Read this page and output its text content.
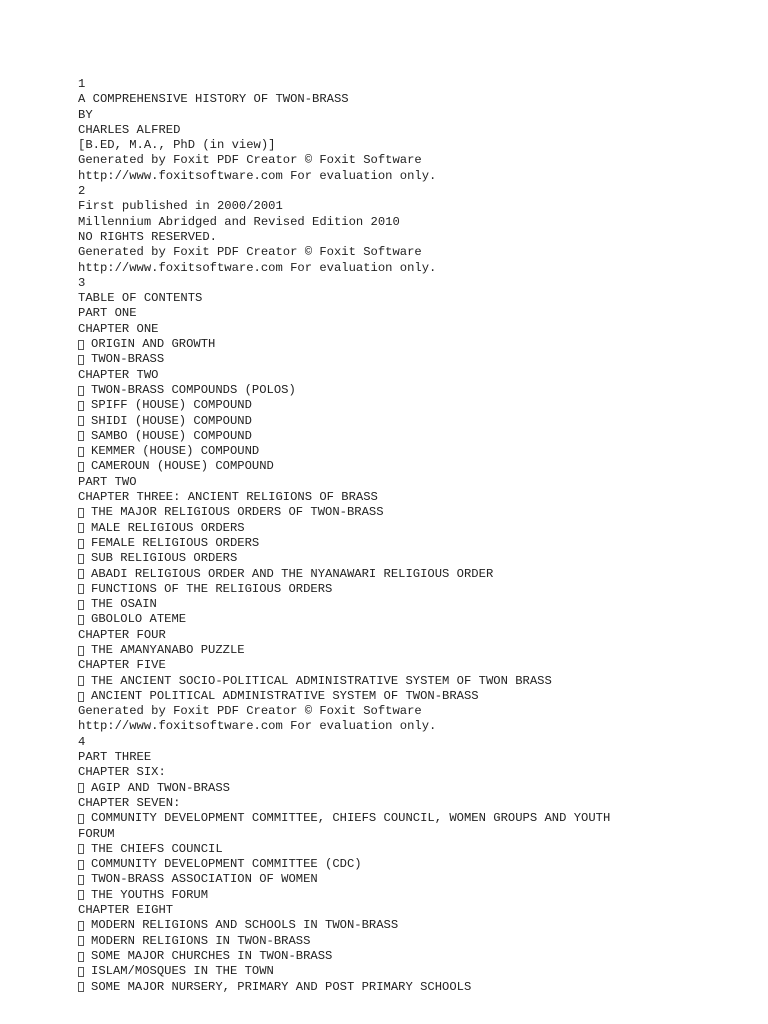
1
A COMPREHENSIVE HISTORY OF TWON-BRASS
BY
CHARLES ALFRED
[B.ED, M.A., PhD (in view)]
Generated by Foxit PDF Creator © Foxit Software
http://www.foxitsoftware.com For evaluation only.
2
First published in 2000/2001
Millennium Abridged and Revised Edition 2010
NO RIGHTS RESERVED.
Generated by Foxit PDF Creator © Foxit Software
http://www.foxitsoftware.com For evaluation only.
3
TABLE OF CONTENTS
PART ONE
CHAPTER ONE
ORIGIN AND GROWTH
TWON-BRASS
CHAPTER TWO
TWON-BRASS COMPOUNDS (POLOS)
SPIFF (HOUSE) COMPOUND
SHIDI (HOUSE) COMPOUND
SAMBO (HOUSE) COMPOUND
KEMMER (HOUSE) COMPOUND
CAMEROUN (HOUSE) COMPOUND
PART TWO
CHAPTER THREE: ANCIENT RELIGIONS OF BRASS
THE MAJOR RELIGIOUS ORDERS OF TWON-BRASS
MALE RELIGIOUS ORDERS
FEMALE RELIGIOUS ORDERS
SUB RELIGIOUS ORDERS
ABADI RELIGIOUS ORDER AND THE NYANAWARI RELIGIOUS ORDER
FUNCTIONS OF THE RELIGIOUS ORDERS
THE OSAIN
GBOLOLO ATEME
CHAPTER FOUR
THE AMANYANABO PUZZLE
CHAPTER FIVE
THE ANCIENT SOCIO-POLITICAL ADMINISTRATIVE SYSTEM OF TWON BRASS
ANCIENT POLITICAL ADMINISTRATIVE SYSTEM OF TWON-BRASS
Generated by Foxit PDF Creator © Foxit Software
http://www.foxitsoftware.com For evaluation only.
4
PART THREE
CHAPTER SIX:
AGIP AND TWON-BRASS
CHAPTER SEVEN:
COMMUNITY DEVELOPMENT COMMITTEE, CHIEFS COUNCIL, WOMEN GROUPS AND YOUTH
FORUM
THE CHIEFS COUNCIL
COMMUNITY DEVELOPMENT COMMITTEE (CDC)
TWON-BRASS ASSOCIATION OF WOMEN
THE YOUTHS FORUM
CHAPTER EIGHT
MODERN RELIGIONS AND SCHOOLS IN TWON-BRASS
MODERN RELIGIONS IN TWON-BRASS
SOME MAJOR CHURCHES IN TWON-BRASS
ISLAM/MOSQUES IN THE TOWN
SOME MAJOR NURSERY, PRIMARY AND POST PRIMARY SCHOOLS
